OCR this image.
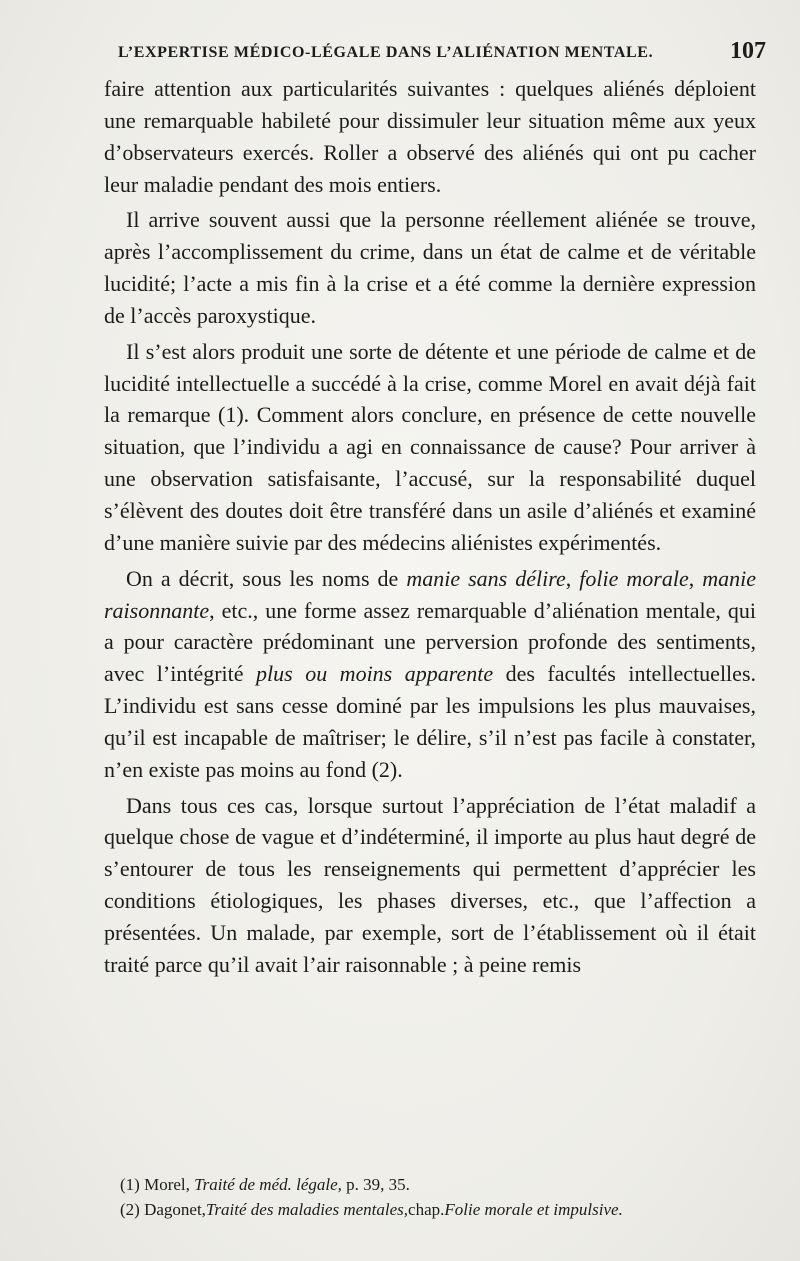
L’EXPERTISE MÉDICO-LÉGALE DANS L’ALIÉNATION MENTALE.	107

faire attention aux particularités suivantes : quelques aliénés déploient une remarquable habileté pour dissimuler leur situation même aux yeux d’observateurs exercés. Roller a observé des aliénés qui ont pu cacher leur maladie pendant des mois entiers.

Il arrive souvent aussi que la personne réellement aliénée se trouve, après l’accomplissement du crime, dans un état de calme et de véritable lucidité; l’acte a mis fin à la crise et a été comme la dernière expression de l’accès paroxystique.

Il s’est alors produit une sorte de détente et une période de calme et de lucidité intellectuelle a succédé à la crise, comme Morel en avait déjà fait la remarque (1). Comment alors conclure, en présence de cette nouvelle situation, que l’individu a agi en connaissance de cause? Pour arriver à une observation satisfaisante, l’accusé, sur la responsabilité duquel s’élèvent des doutes doit être transféré dans un asile d’aliénés et examiné d’une manière suivie par des médecins aliénistes expérimentés.

On a décrit, sous les noms de manie sans délire, folie morale, manie raisonnante, etc., une forme assez remarquable d’aliénation mentale, qui a pour caractère prédominant une perversion profonde des sentiments, avec l’intégrité plus ou moins apparente des facultés intellectuelles. L’individu est sans cesse dominé par les impulsions les plus mauvaises, qu’il est incapable de maîtriser; le délire, s’il n’est pas facile à constater, n’en existe pas moins au fond (2).

Dans tous ces cas, lorsque surtout l’appréciation de l’état maladif a quelque chose de vague et d’indéterminé, il importe au plus haut degré de s’entourer de tous les renseignements qui permettent d’apprécier les conditions étiologiques, les phases diverses, etc., que l’affection a présentées. Un malade, par exemple, sort de l’établissement où il était traité parce qu’il avait l’air raisonnable ; à peine remis

(1) Morel, Traité de méd. légale, p. 39, 35.

(2) Dagonet,Traité des maladies mentales,chap.Folie morale et impulsive.
